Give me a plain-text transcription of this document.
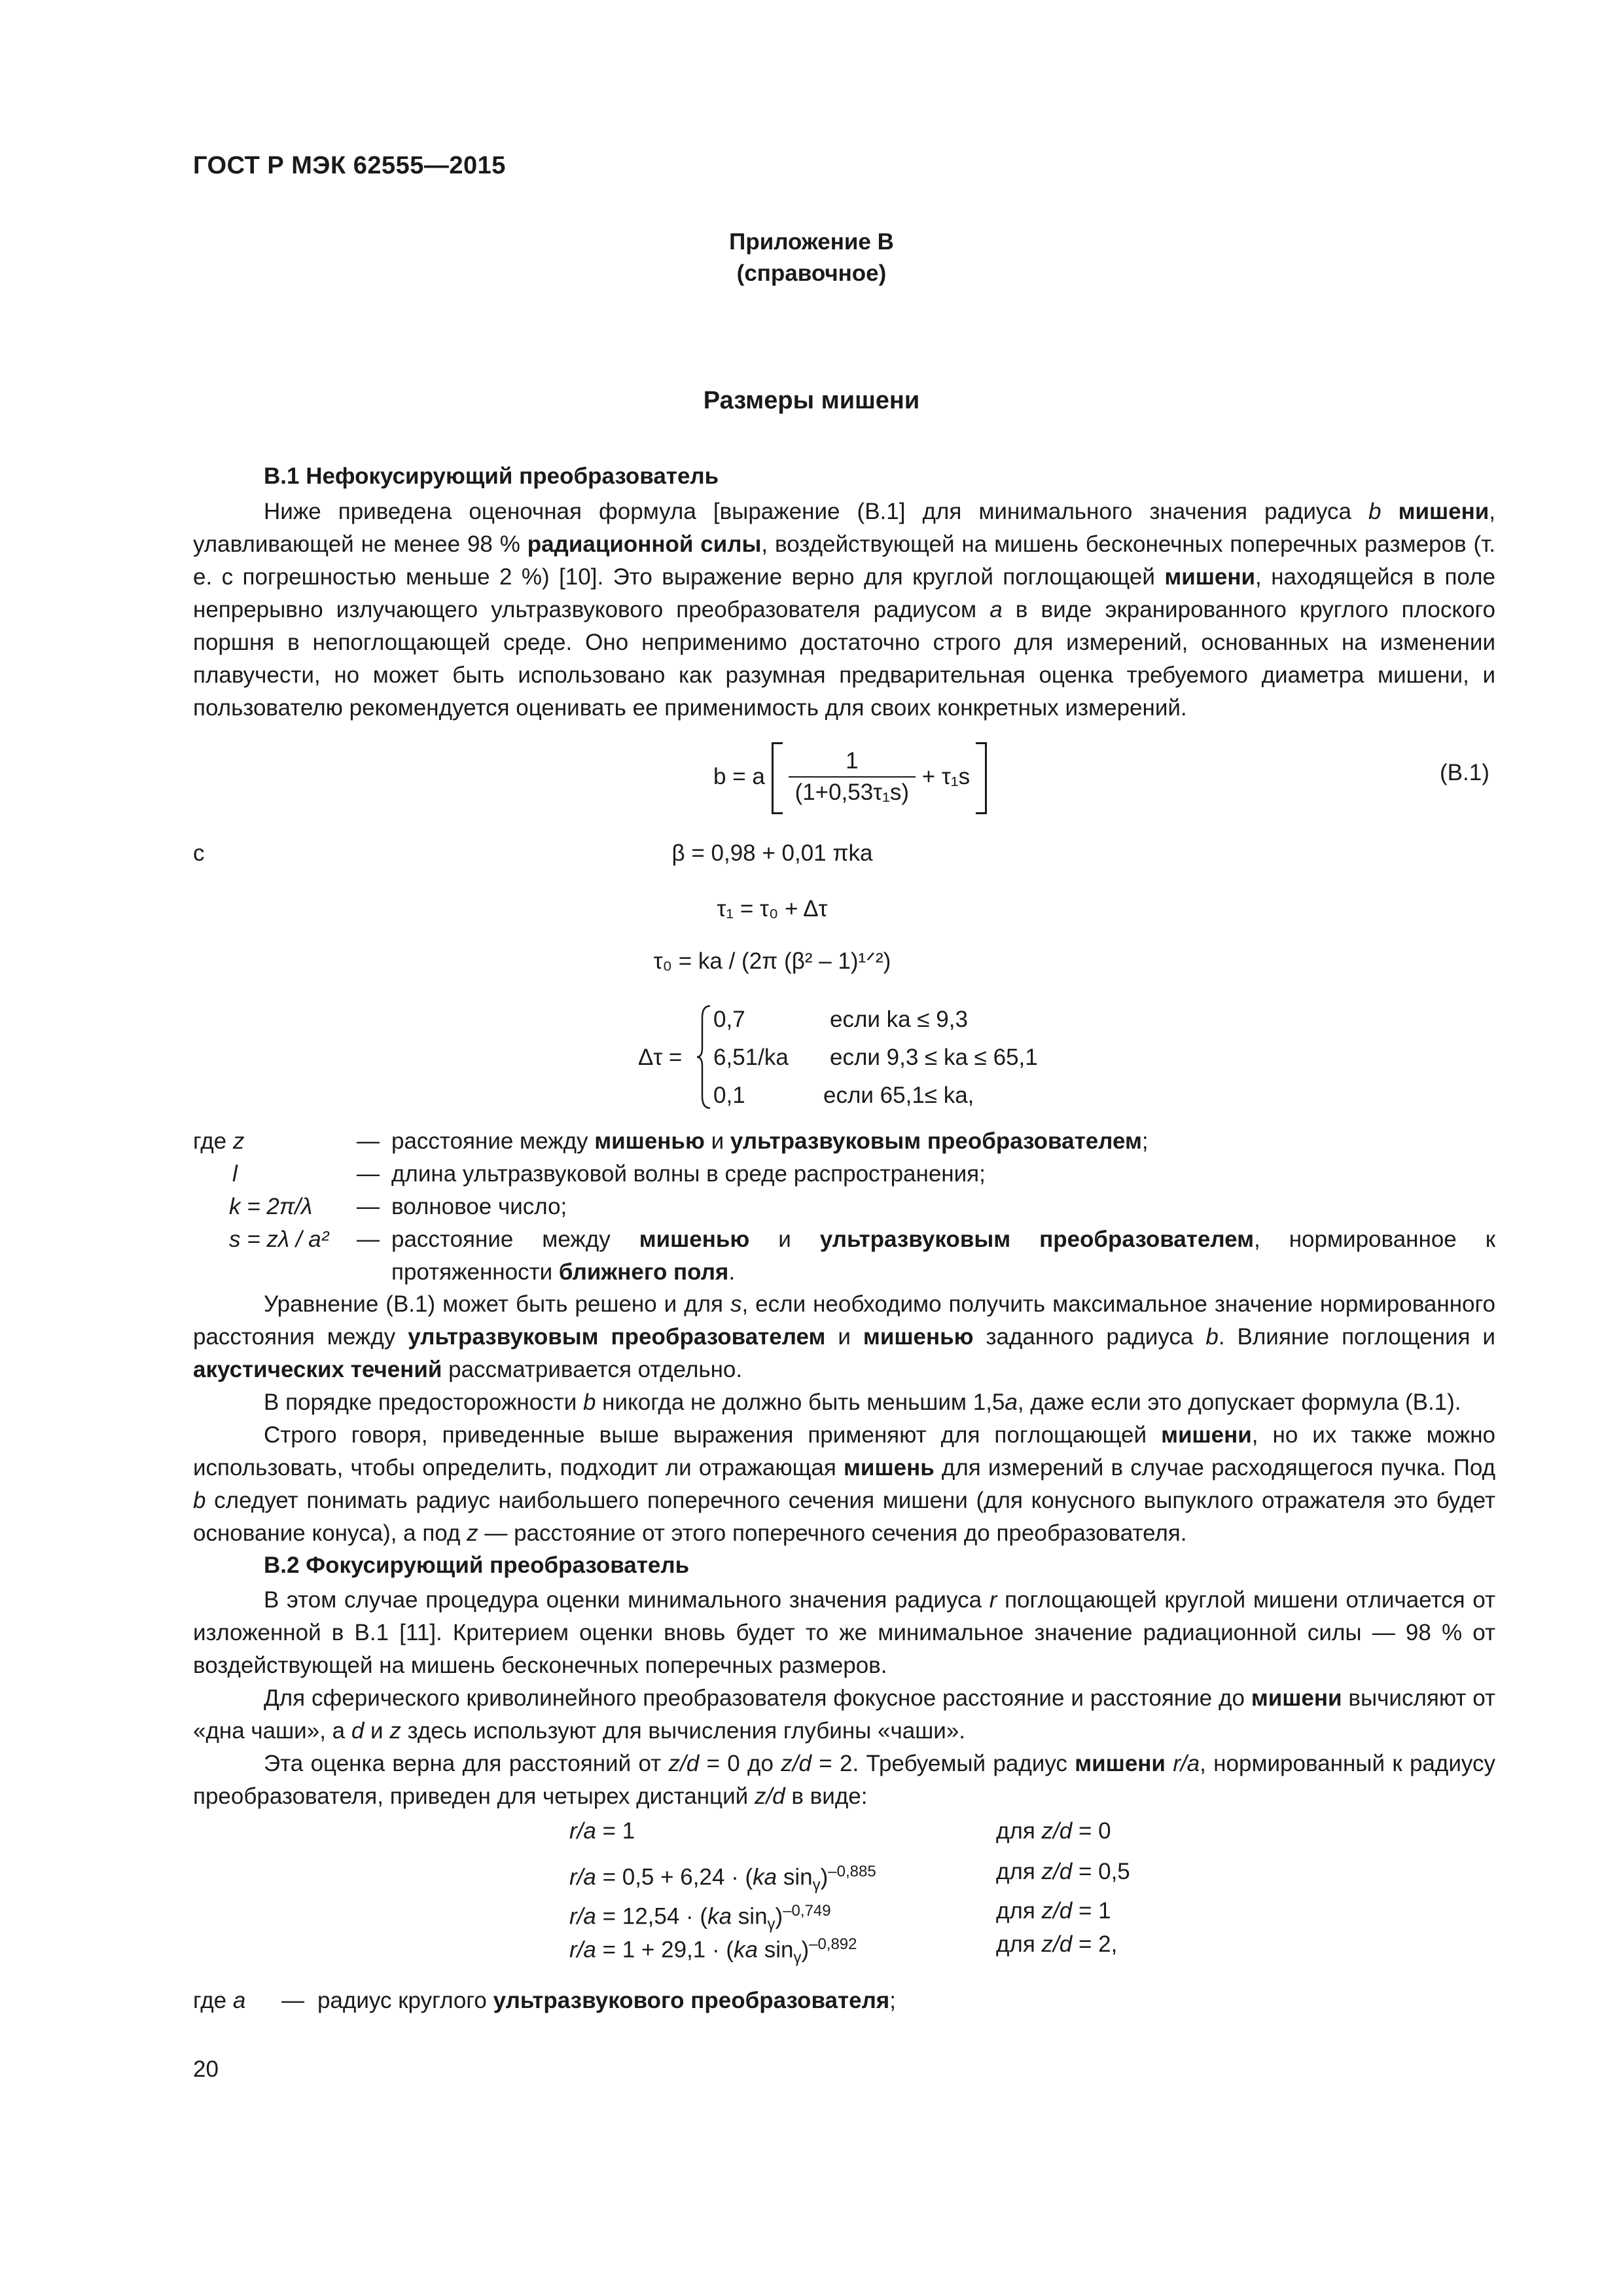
ГОСТ Р МЭК 62555—2015
Приложение В
(справочное)
Размеры мишени
В.1 Нефокусирующий преобразователь

Ниже приведена оценочная формула [выражение (В.1] для минимального значения радиуса b мишени, улавливающей не менее 98 % радиационной силы, воздействующей на мишень бесконечных поперечных размеров (т. е. с погрешностью меньше 2 %) [10]. Это выражение верно для круглой поглощающей мишени, находящейся в поле непрерывно излучающего ультразвукового преобразователя радиусом a в виде экранированного круглого плоского поршня в непоглощающей среде. Оно неприменимо достаточно строго для измерений, основанных на изменении плавучести, но может быть использовано как разумная предварительная оценка требуемого диаметра мишени, и пользователю рекомендуется оценивать ее применимость для своих конкретных измерений.

b = a $\frac{1}{\text{(1+0,53τ₁s)}} + \tau_1s$	(В.1)
с	β = 0,98 + 0,01 πka
τ₁ = τ₀ + Δτ
τ₀ = ka / (2π (β² – 1)¹ᐟ²)
Δτ =
0,7	если ka ≤ 9,3
6,51/ka если 9,3 ≤ ka ≤ 65,1
0,1	если 65,1≤ ka,
где z	— расстояние между мишенью и ультразвуковым преобразователем;
l	— длина ультразвуковой волны в среде распространения;
k = 2π/λ — волновое число;
s = zλ / a² — расстояние между мишенью и ультразвуковым преобразователем, нормированное к протяженности ближнего поля.

Уравнение (В.1) может быть решено и для s, если необходимо получить максимальное значение нормированного расстояния между ультразвуковым преобразователем и мишенью заданного радиуса b. Влияние поглощения и акустических течений рассматривается отдельно.

В порядке предосторожности b никогда не должно быть меньшим 1,5a, даже если это допускает формула (В.1).

Строго говоря, приведенные выше выражения применяют для поглощающей мишени, но их также можно использовать, чтобы определить, подходит ли отражающая мишень для измерений в случае расходящегося пучка. Под b следует понимать радиус наибольшего поперечного сечения мишени (для конусного выпуклого отражателя это будет основание конуса), а под z — расстояние от этого поперечного сечения до преобразователя.

В.2 Фокусирующий преобразователь

В этом случае процедура оценки минимального значения радиуса r поглощающей круглой мишени отличается от изложенной в В.1 [11]. Критерием оценки вновь будет то же минимальное значение радиационной силы — 98 % от воздействующей на мишень бесконечных поперечных размеров.

Для сферического криволинейного преобразователя фокусное расстояние и расстояние до мишени вычисляют от «дна чаши», а d и z здесь используют для вычисления глубины «чаши».

Эта оценка верна для расстояний от z/d = 0 до z/d = 2. Требуемый радиус мишени r/a, нормированный к радиусу преобразователя, приведен для четырех дистанций z/d в виде:

r/a = 1	для z/d = 0
r/a = 0,5 + 6,24 · (ka $\sin_\gamma)^{-0,885}$	для z/d = 0,5
r/a = 12,54 · (ka $\sin_\gamma)^{-0,749}$	для z/d = 1
r/a = 1 + 29,1 · (ka $\sin_\gamma)^{-0,892}$	для z/d = 2,
где a — радиус круглого ультразвукового преобразователя;
20
